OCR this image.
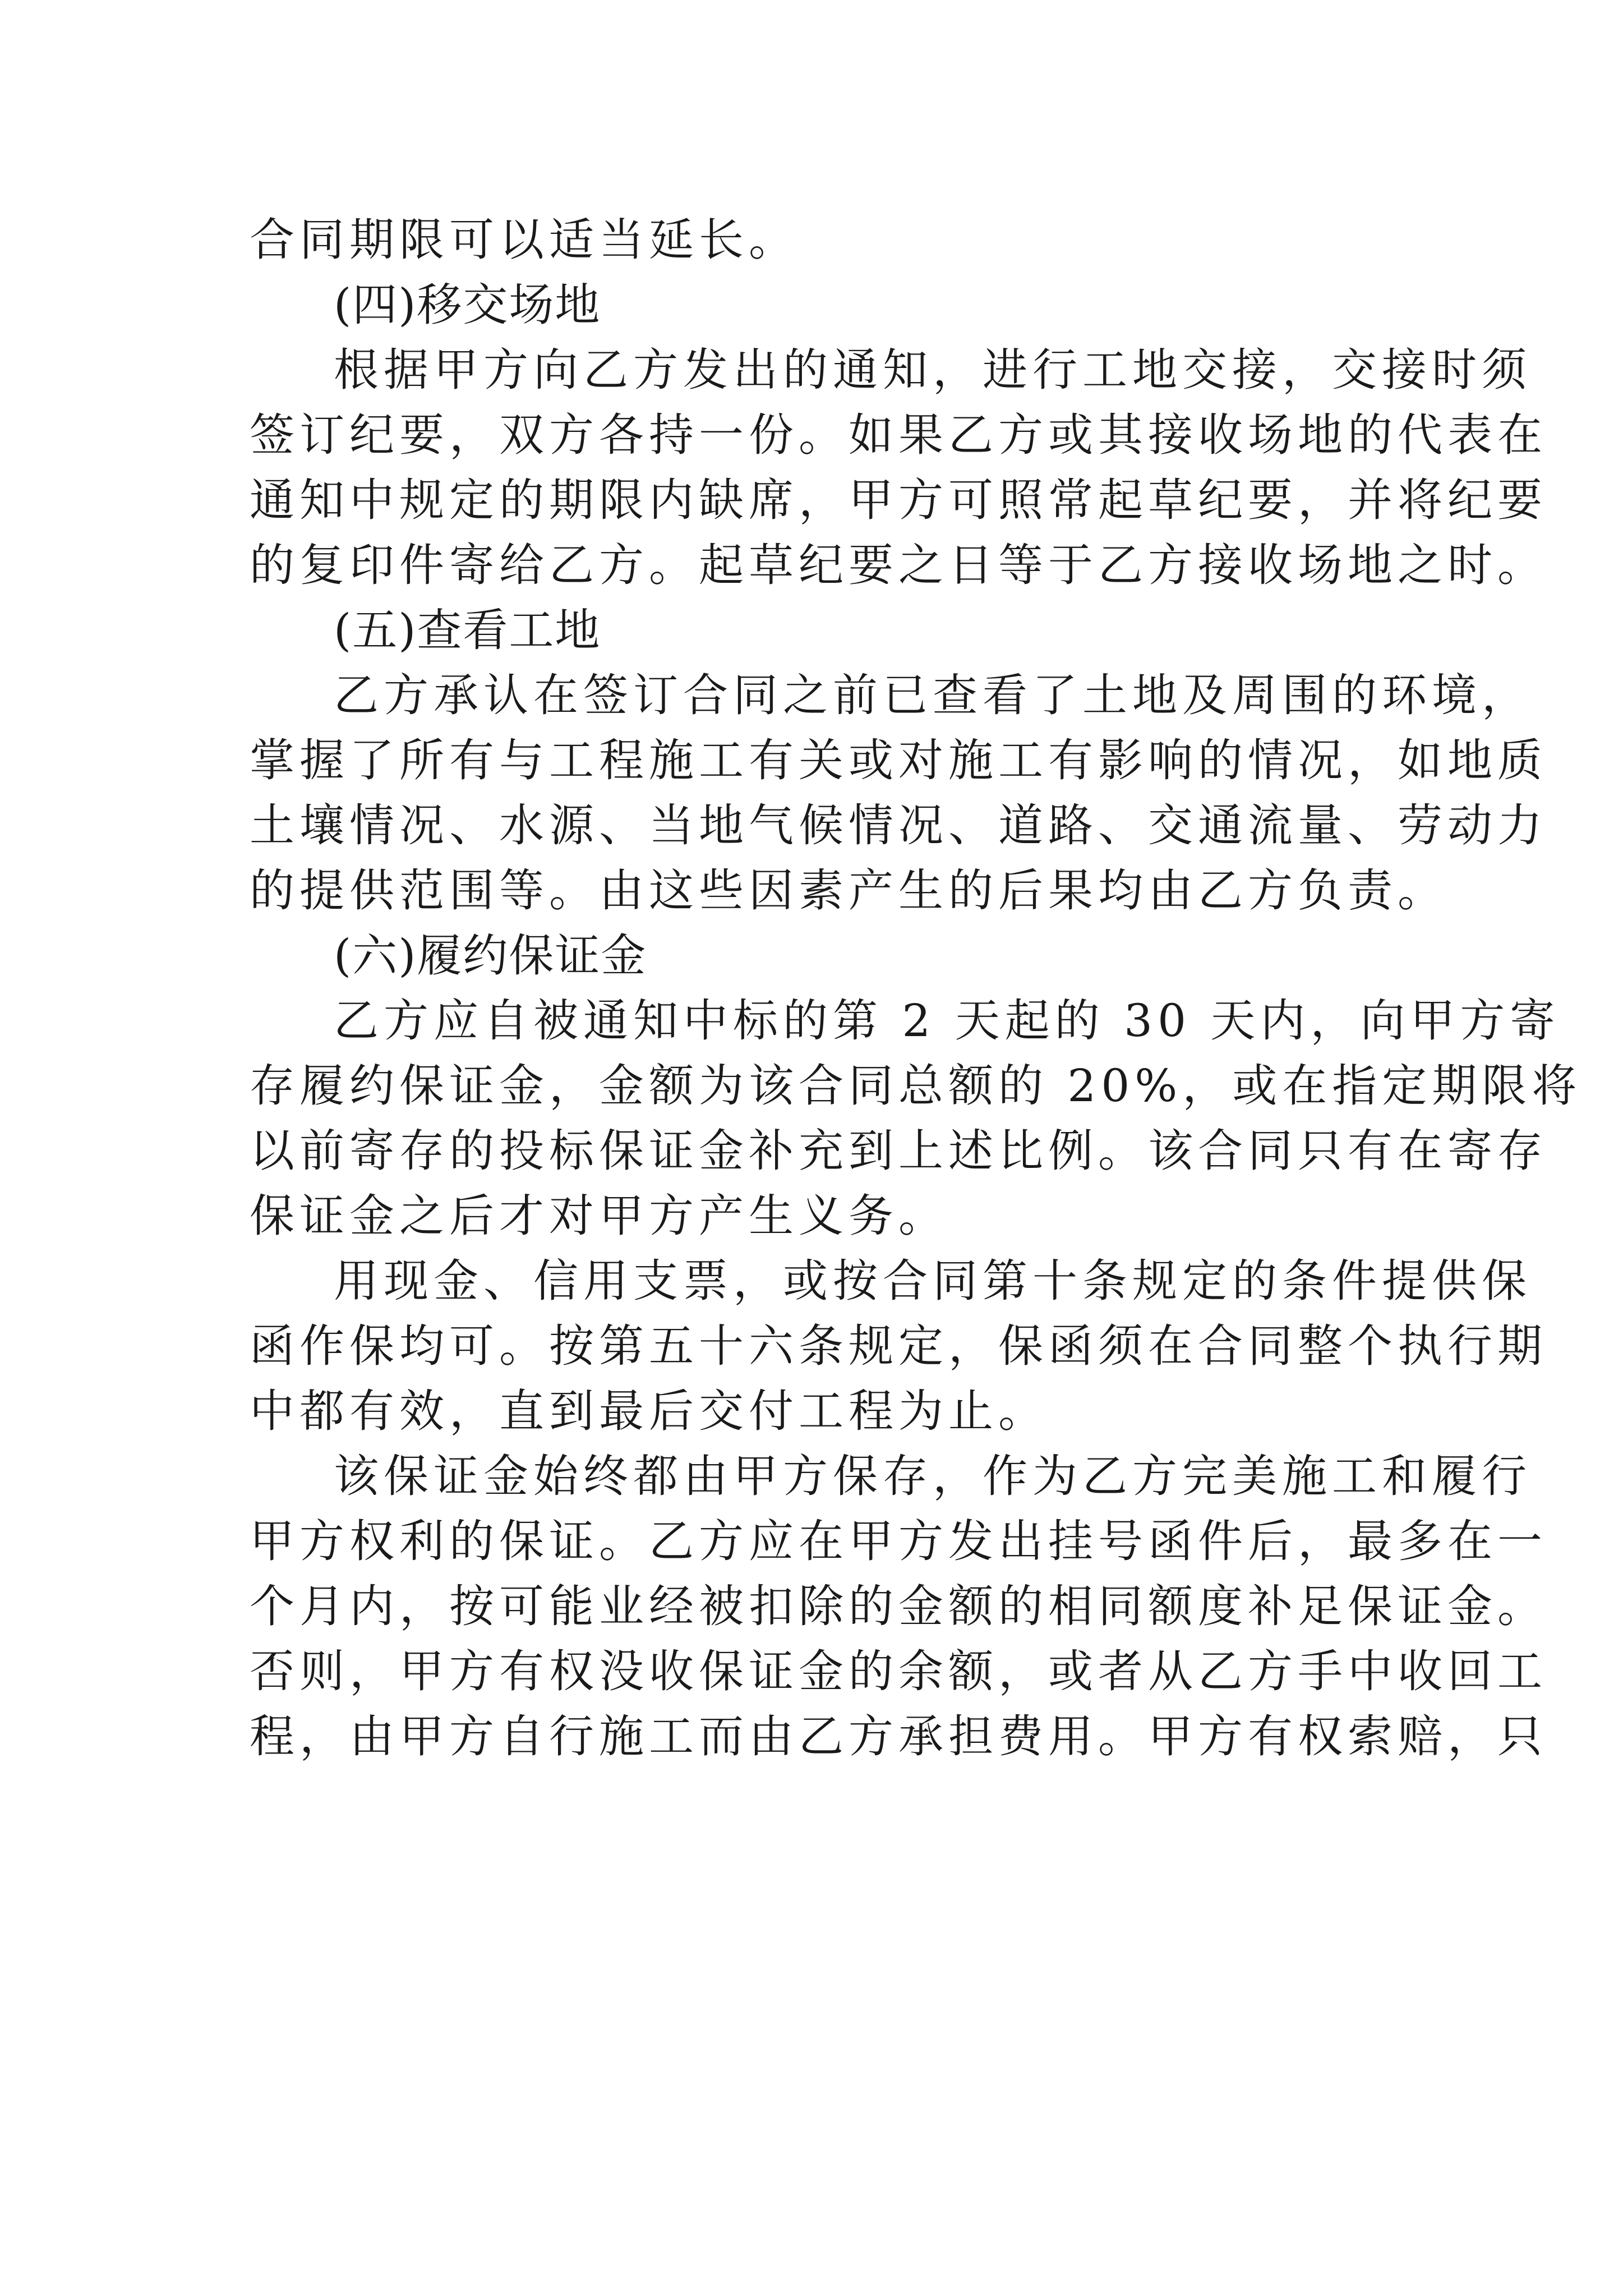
合同期限可以适当延长。
(四)移交场地
根据甲方向乙方发出的通知，进行工地交接，交接时须
签订纪要，双方各持一份。如果乙方或其接收场地的代表在
通知中规定的期限内缺席，甲方可照常起草纪要，并将纪要
的复印件寄给乙方。起草纪要之日等于乙方接收场地之时。
(五)查看工地
乙方承认在签订合同之前已查看了土地及周围的环境，
掌握了所有与工程施工有关或对施工有影响的情况，如地质
土壤情况、水源、当地气候情况、道路、交通流量、劳动力
的提供范围等。由这些因素产生的后果均由乙方负责。
(六)履约保证金
乙方应自被通知中标的第 2 天起的 30 天内，向甲方寄
存履约保证金，金额为该合同总额的 20%，或在指定期限将
以前寄存的投标保证金补充到上述比例。该合同只有在寄存
保证金之后才对甲方产生义务。
用现金、信用支票，或按合同第十条规定的条件提供保
函作保均可。按第五十六条规定，保函须在合同整个执行期
中都有效，直到最后交付工程为止。
该保证金始终都由甲方保存，作为乙方完美施工和履行
甲方权利的保证。乙方应在甲方发出挂号函件后，最多在一
个月内，按可能业经被扣除的金额的相同额度补足保证金。
否则，甲方有权没收保证金的余额，或者从乙方手中收回工
程，由甲方自行施工而由乙方承担费用。甲方有权索赔，只
